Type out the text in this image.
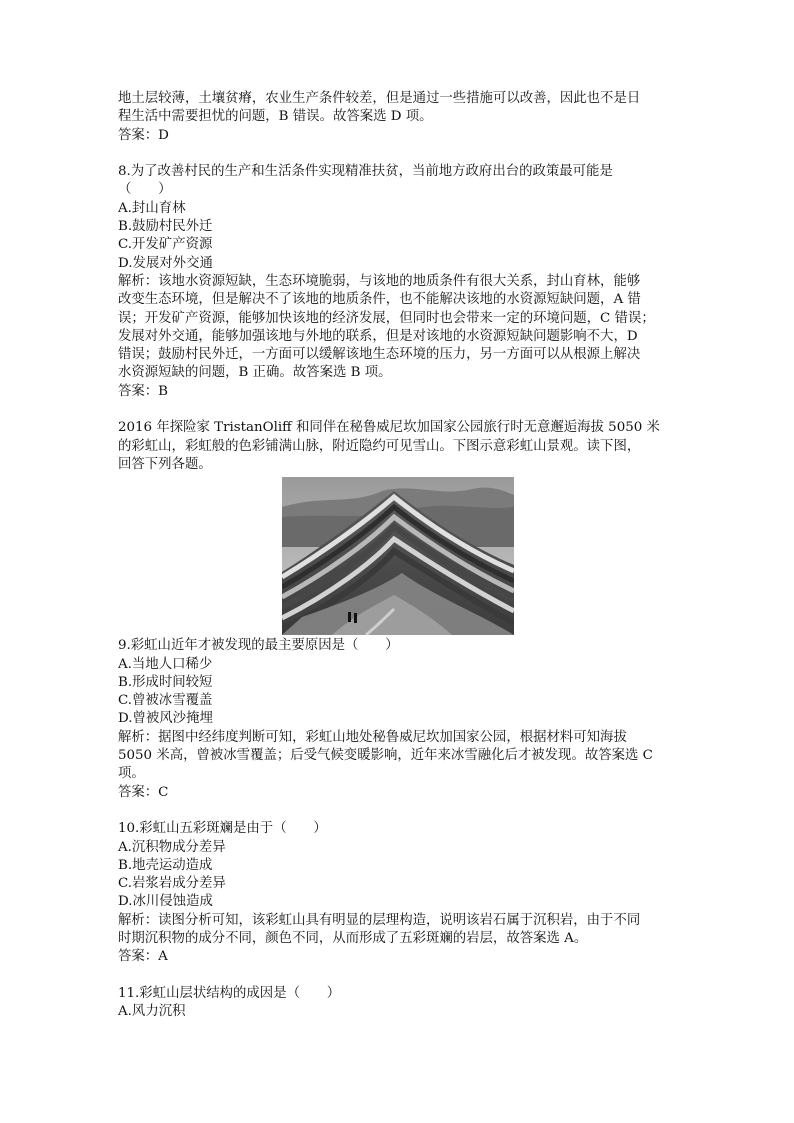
地土层较薄，土壤贫瘠，农业生产条件较差，但是通过一些措施可以改善，因此也不是日
程生活中需要担忧的问题，B 错误。故答案选 D 项。
答案：D
8.为了改善村民的生产和生活条件实现精准扶贫，当前地方政府出台的政策最可能是
（　　）
A.封山育林
B.鼓励村民外迁
C.开发矿产资源
D.发展对外交通
解析：该地水资源短缺，生态环境脆弱，与该地的地质条件有很大关系，封山育林，能够
改变生态环境，但是解决不了该地的地质条件，也不能解决该地的水资源短缺问题，A 错
误；开发矿产资源，能够加快该地的经济发展，但同时也会带来一定的环境问题，C 错误；
发展对外交通，能够加强该地与外地的联系，但是对该地的水资源短缺问题影响不大，D
错误；鼓励村民外迁，一方面可以缓解该地生态环境的压力，另一方面可以从根源上解决
水资源短缺的问题，B 正确。故答案选 B 项。
答案：B
2016 年探险家 TristanOliff 和同伴在秘鲁威尼坎加国家公园旅行时无意邂逅海拔 5050 米
的彩虹山，彩虹般的色彩铺满山脉，附近隐约可见雪山。下图示意彩虹山景观。读下图，
回答下列各题。
9.彩虹山近年才被发现的最主要原因是（　　）
A.当地人口稀少
B.形成时间较短
C.曾被冰雪覆盖
D.曾被风沙掩埋
解析：据图中经纬度判断可知，彩虹山地处秘鲁威尼坎加国家公园，根据材料可知海拔
5050 米高，曾被冰雪覆盖；后受气候变暖影响，近年来冰雪融化后才被发现。故答案选 C
项。
答案：C
10.彩虹山五彩斑斓是由于（　　）
A.沉积物成分差异
B.地壳运动造成
C.岩浆岩成分差异
D.冰川侵蚀造成
解析：读图分析可知，该彩虹山具有明显的层理构造，说明该岩石属于沉积岩，由于不同
时期沉积物的成分不同，颜色不同，从而形成了五彩斑斓的岩层，故答案选 A。
答案：A
11.彩虹山层状结构的成因是（　　）
A.风力沉积
